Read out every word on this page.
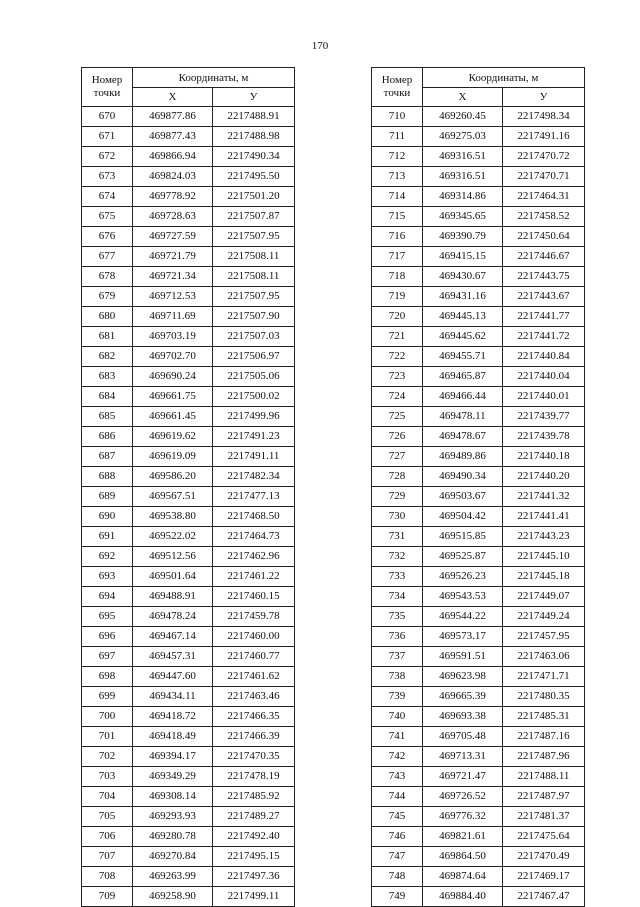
170
Номер
точки	Координаты, м	
	Х	У
670	469877.86	2217488.91
671	469877.43	2217488.98
672	469866.94	2217490.34
673	469824.03	2217495.50
674	469778.92	2217501.20
675	469728.63	2217507.87
676	469727.59	2217507.95
677	469721.79	2217508.11
678	469721.34	2217508.11
679	469712.53	2217507.95
680	469711.69	2217507.90
681	469703.19	2217507.03
682	469702.70	2217506.97
683	469690.24	2217505.06
684	469661.75	2217500.02
685	469661.45	2217499.96
686	469619.62	2217491.23
687	469619.09	2217491.11
688	469586.20	2217482.34
689	469567.51	2217477.13
690	469538.80	2217468.50
691	469522.02	2217464.73
692	469512.56	2217462.96
693	469501.64	2217461.22
694	469488.91	2217460.15
695	469478.24	2217459.78
696	469467.14	2217460.00
697	469457.31	2217460.77
698	469447.60	2217461.62
699	469434.11	2217463.46
700	469418.72	2217466.35
701	469418.49	2217466.39
702	469394.17	2217470.35
703	469349.29	2217478.19
704	469308.14	2217485.92
705	469293.93	2217489.27
706	469280.78	2217492.40
707	469270.84	2217495.15
708	469263.99	2217497.36
709	469258.90	2217499.11
Номер
точки	Координаты, м	
	Х	У
710	469260.45	2217498.34
711	469275.03	2217491.16
712	469316.51	2217470.72
713	469316.51	2217470.71
714	469314.86	2217464.31
715	469345.65	2217458.52
716	469390.79	2217450.64
717	469415.15	2217446.67
718	469430.67	2217443.75
719	469431.16	2217443.67
720	469445.13	2217441.77
721	469445.62	2217441.72
722	469455.71	2217440.84
723	469465.87	2217440.04
724	469466.44	2217440.01
725	469478.11	2217439.77
726	469478.67	2217439.78
727	469489.86	2217440.18
728	469490.34	2217440.20
729	469503.67	2217441.32
730	469504.42	2217441.41
731	469515.85	2217443.23
732	469525.87	2217445.10
733	469526.23	2217445.18
734	469543.53	2217449.07
735	469544.22	2217449.24
736	469573.17	2217457.95
737	469591.51	2217463.06
738	469623.98	2217471.71
739	469665.39	2217480.35
740	469693.38	2217485.31
741	469705.48	2217487.16
742	469713.31	2217487.96
743	469721.47	2217488.11
744	469726.52	2217487.97
745	469776.32	2217481.37
746	469821.61	2217475.64
747	469864.50	2217470.49
748	469874.64	2217469.17
749	469884.40	2217467.47
